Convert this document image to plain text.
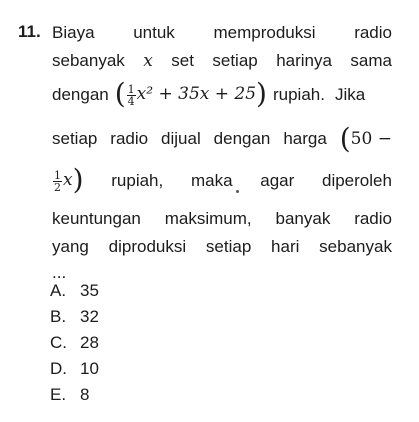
11. Biaya untuk memproduksi radio
sebanyak x set setiap harinya sama
dengan ( $\frac{1}{4} x^2 + 35x + 25$) rupiah. Jika
setiap radio dijual dengan harga (50 −
$\frac{1}{2} x$) rupiah, maka agar diperoleh
keuntungan maksimum, banyak radio
yang diproduksi setiap hari sebanyak
...
A. 35
B. 32
C. 28
D. 10
E. 8
